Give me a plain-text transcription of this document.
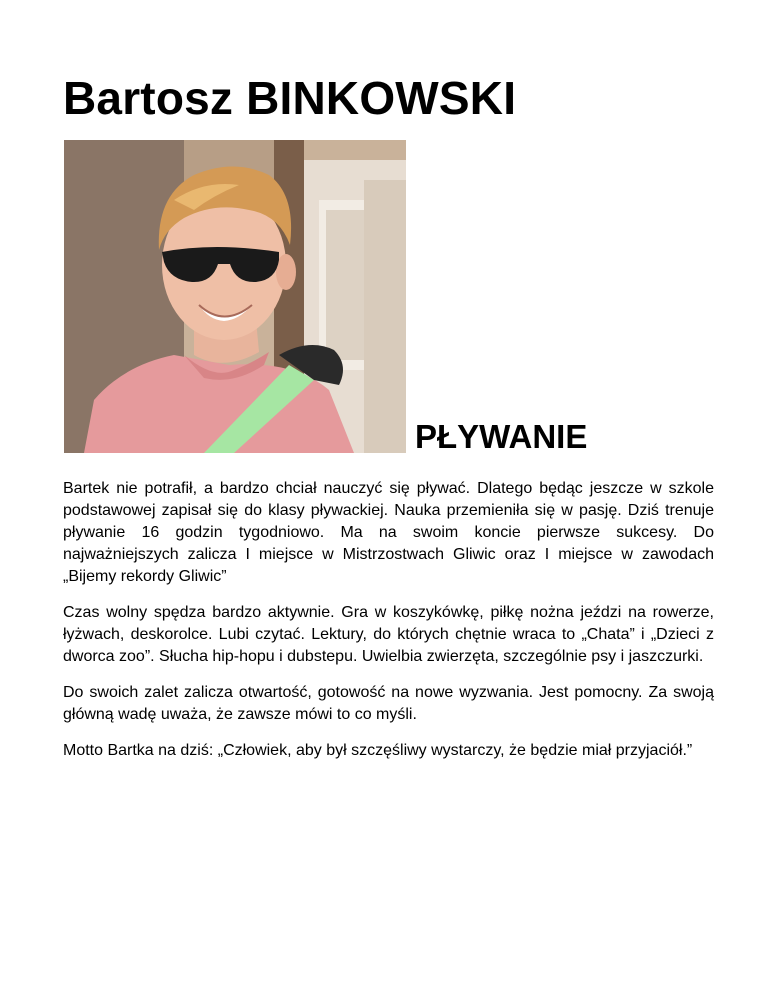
Bartosz BINKOWSKI
PŁYWANIE

Bartek nie potrafił, a bardzo chciał nauczyć się pływać. Dlatego będąc jeszcze w szkole podstawowej zapisał się do klasy pływackiej. Nauka przemieniła się w pasję. Dziś trenuje pływanie 16 godzin tygodniowo. Ma na swoim koncie pierwsze sukcesy. Do najważniejszych zalicza I miejsce w Mistrzostwach Gliwic oraz I miejsce w zawodach „Bijemy rekordy Gliwic”

Czas wolny spędza bardzo aktywnie. Gra w koszykówkę, piłkę nożna jeździ na rowerze, łyżwach, deskorolce. Lubi czytać. Lektury, do których chętnie wraca to „Chata” i „Dzieci z dworca zoo”. Słucha hip-hopu i dubstepu. Uwielbia zwierzęta, szczególnie psy i jaszczurki.

Do swoich zalet zalicza otwartość, gotowość na nowe wyzwania. Jest pomocny. Za swoją główną wadę uważa, że zawsze mówi to co myśli.

Motto Bartka na dziś: „Człowiek, aby był szczęśliwy wystarczy, że będzie miał przyjaciół.”
